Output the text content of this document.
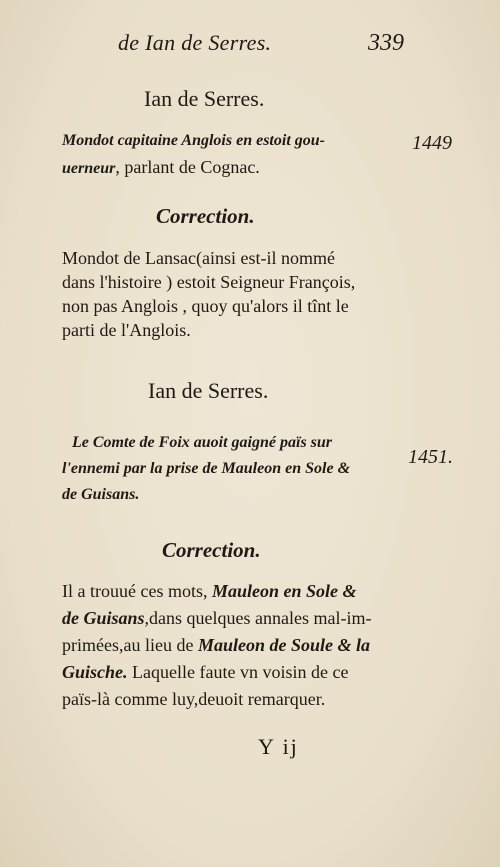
de Ian de Serres.	339
Ian de Serres.
Mondot capitaine Anglois en estoit gou-
uerneur, parlant de Cognac.
1449
Correction.
Mondot de Lansac(ainsi est-il nommé
dans l'histoire ) estoit Seigneur François,
non pas Anglois , quoy qu'alors il tînt le
parti de l'Anglois.
Ian de Serres.
Le Comte de Foix auoit gaigné païs sur
l'ennemi par la prise de Mauleon en Sole &
de Guisans.
1451.
Correction.
Il a trouué ces mots, Mauleon en Sole &
de Guisans,dans quelques annales mal-im-
primées,au lieu de Mauleon de Soule & la
Guische. Laquelle faute vn voisin de ce
païs-là comme luy,deuoit remarquer.
Y ij
